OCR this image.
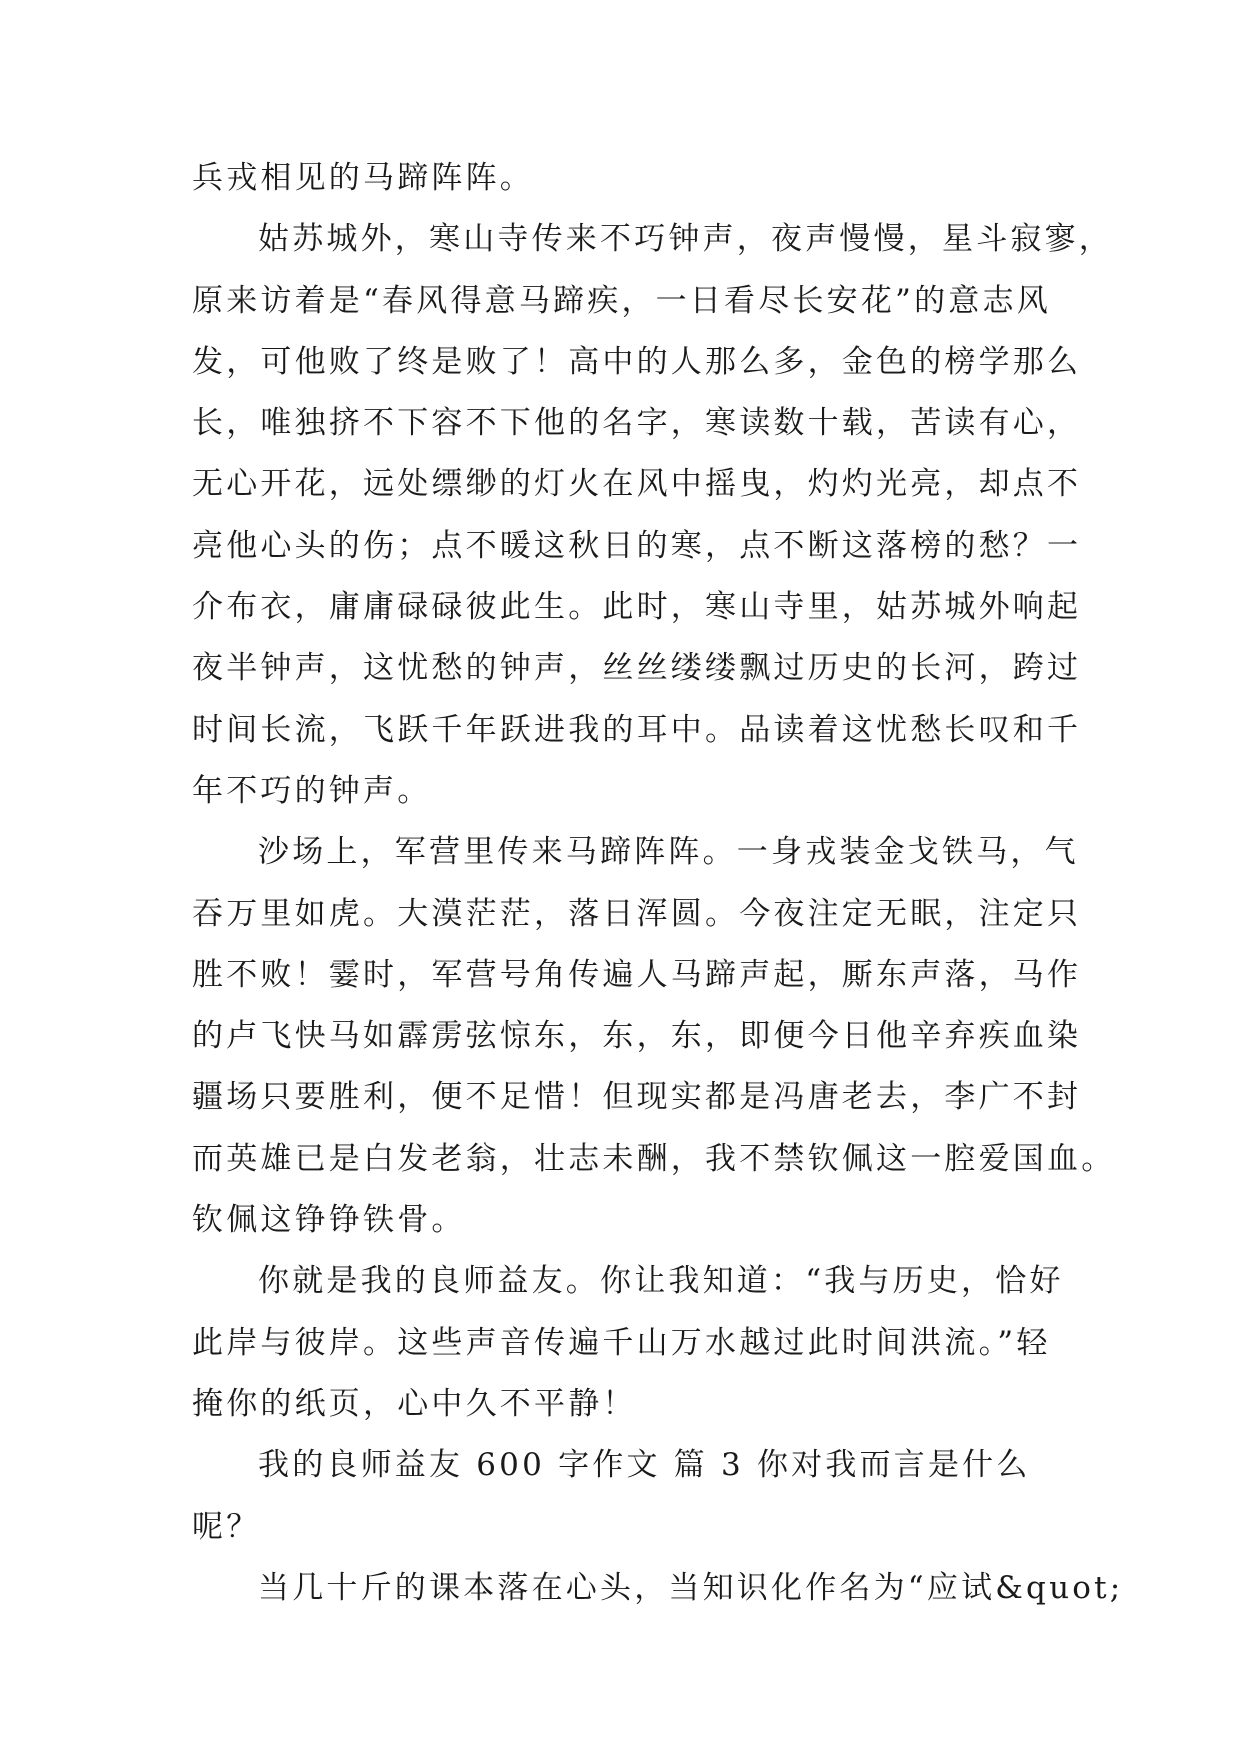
兵戎相见的马蹄阵阵。
姑苏城外，寒山寺传来不巧钟声，夜声慢慢，星斗寂寥，
原来访着是“春风得意马蹄疾，一日看尽长安花”的意志风
发，可他败了终是败了！高中的人那么多，金色的榜学那么
长，唯独挤不下容不下他的名字，寒读数十载，苦读有心，
无心开花，远处缥缈的灯火在风中摇曳，灼灼光亮，却点不
亮他心头的伤；点不暖这秋日的寒，点不断这落榜的愁？一
介布衣，庸庸碌碌彼此生。此时，寒山寺里，姑苏城外响起
夜半钟声，这忧愁的钟声，丝丝缕缕飘过历史的长河，跨过
时间长流，飞跃千年跃进我的耳中。品读着这忧愁长叹和千
年不巧的钟声。
沙场上，军营里传来马蹄阵阵。一身戎装金戈铁马，气
吞万里如虎。大漠茫茫，落日浑圆。今夜注定无眠，注定只
胜不败！霎时，军营号角传遍人马蹄声起，厮东声落，马作
的卢飞快马如霹雳弦惊东，东，东，即便今日他辛弃疾血染
疆场只要胜利，便不足惜！但现实都是冯唐老去，李广不封
而英雄已是白发老翁，壮志未酬，我不禁钦佩这一腔爱国血。
钦佩这铮铮铁骨。
你就是我的良师益友。你让我知道：“我与历史，恰好
此岸与彼岸。这些声音传遍千山万水越过此时间洪流。”轻
掩你的纸页，心中久不平静！
我的良师益友 600 字作文 篇 3 你对我而言是什么
呢？
当几十斤的课本落在心头，当知识化作名为“应试&quot;
